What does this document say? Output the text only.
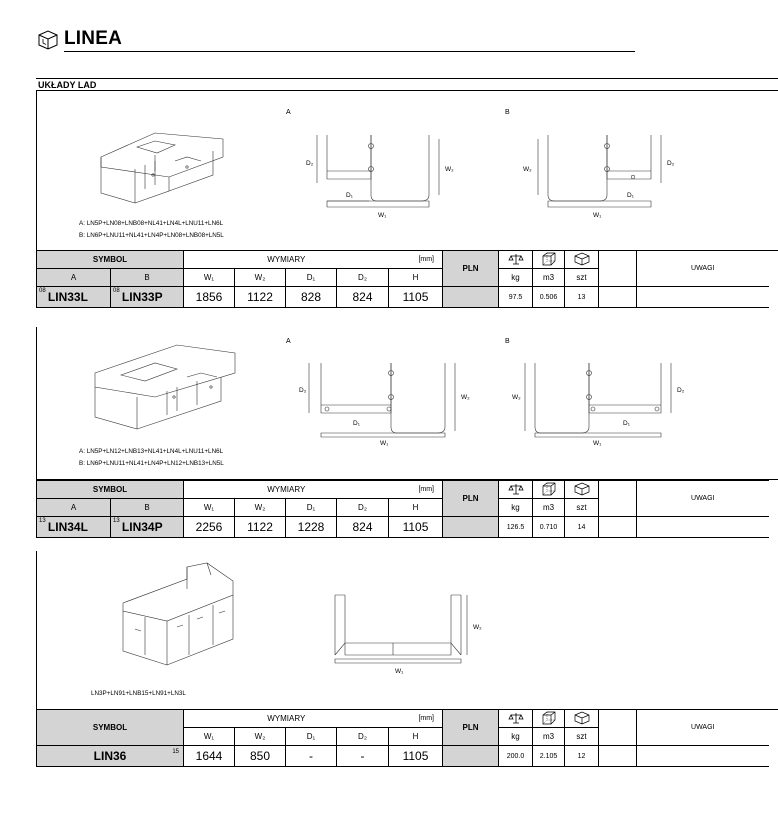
LINEA
UKŁADY LAD
A	B
D₂
D₁
W₂
W₁
W₂
D₂
D₁
W₁
A: LN5P+LN08+LNB08+NL41+LN4L+LNU11+LN6L
B: LN6P+LNU11+NL41+LN4P+LN08+LNB08+LN5L
SYMBOL		WYMIARY				[mm]	PLN					UWAGI
A	B	W₁	W₂	D₁	D₂	H		kg	m3	szt		
$^{08}$ LIN33L	$^{08}$ LIN33P	1856	1122	828	824	1105		97.5	0.506	13		
A	B
D₂
D₁
W₂
W₁
W₂
D₂
D₁
W₁
A: LN5P+LN12+LNB13+NL41+LN4L+LNU11+LN6L
B: LN6P+LNU11+NL41+LN4P+LN12+LNB13+LN5L
SYMBOL		WYMIARY				[mm]	PLN					UWAGI
A	B	W₁	W₂	D₁	D₂	H		kg	m3	szt		
$^{13}$ LIN34L	$^{13}$ LIN34P	2256	1122	1228	824	1105		126.5	0.710	14		
W₂
W₁
LN3P+LN91+LNB15+LN91+LN3L
SYMBOL	WYMIARY				[mm]	PLN					UWAGI
	W₁	W₂	D₁	D₂	H		kg	m3	szt		
LIN36 15	1644	850	-	-	1105		200.0	2.105	12		
